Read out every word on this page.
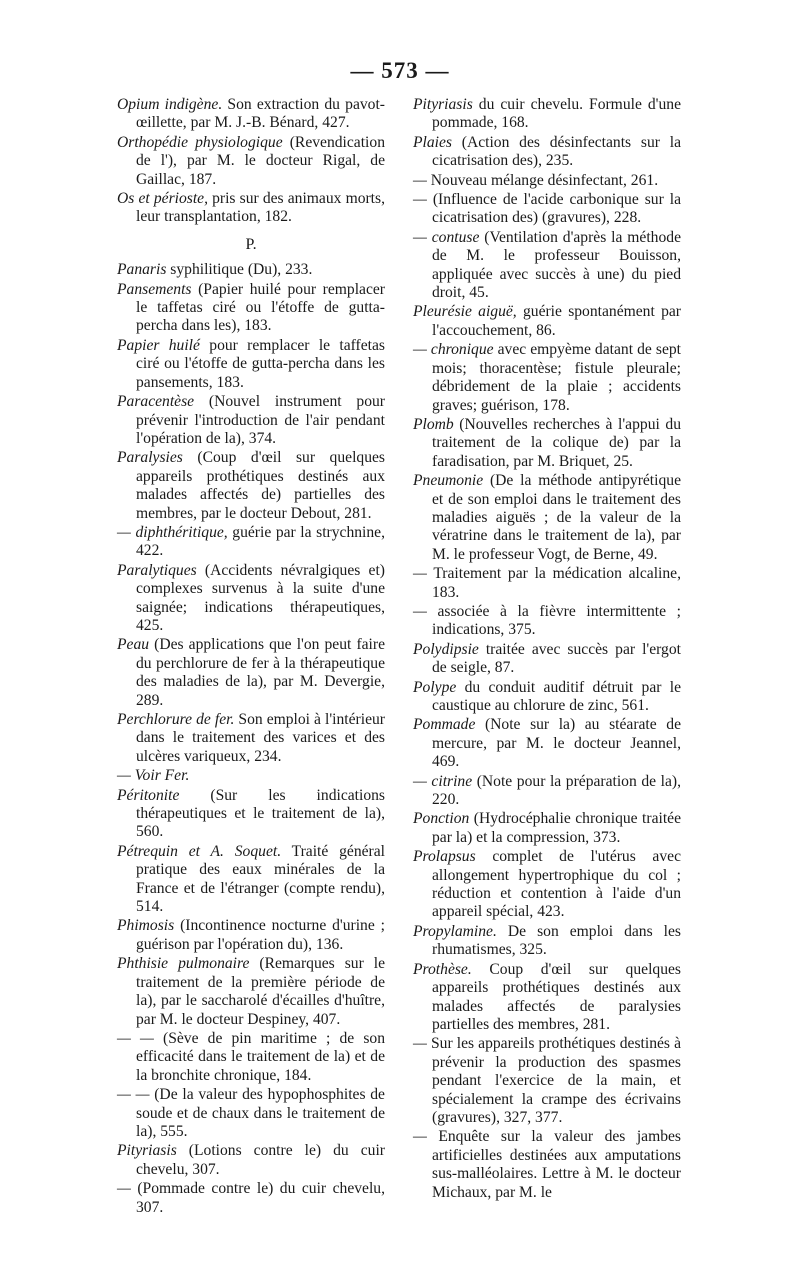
— 573 —
Opium indigène. Son extraction du pavot-œillette, par M. J.-B. Bénard, 427.
Orthopédie physiologique (Revendication de l'), par M. le docteur Rigal, de Gaillac, 187.
Os et périoste, pris sur des animaux morts, leur transplantation, 182.
P.
Panaris syphilitique (Du), 233.
Pansements (Papier huilé pour remplacer le taffetas ciré ou l'étoffe de gutta-percha dans les), 183.
Papier huilé pour remplacer le taffetas ciré ou l'étoffe de gutta-percha dans les pansements, 183.
Paracentèse (Nouvel instrument pour prévenir l'introduction de l'air pendant l'opération de la), 374.
Paralysies (Coup d'œil sur quelques appareils prothétiques destinés aux malades affectés de) partielles des membres, par le docteur Debout, 281.
— diphthéritique, guérie par la strychnine, 422.
Paralytiques (Accidents névralgiques et) complexes survenus à la suite d'une saignée; indications thérapeutiques, 425.
Peau (Des applications que l'on peut faire du perchlorure de fer à la thérapeutique des maladies de la), par M. Devergie, 289.
Perchlorure de fer. Son emploi à l'intérieur dans le traitement des varices et des ulcères variqueux, 234.
— Voir Fer.
Péritonite (Sur les indications thérapeutiques et le traitement de la), 560.
Pétrequin et A. Soquet. Traité général pratique des eaux minérales de la France et de l'étranger (compte rendu), 514.
Phimosis (Incontinence nocturne d'urine ; guérison par l'opération du), 136.
Phthisie pulmonaire (Remarques sur le traitement de la première période de la), par le saccharolé d'écailles d'huître, par M. le docteur Despiney, 407.
— — (Sève de pin maritime ; de son efficacité dans le traitement de la) et de la bronchite chronique, 184.
— — (De la valeur des hypophosphites de soude et de chaux dans le traitement de la), 555.
Pityriasis (Lotions contre le) du cuir chevelu, 307.
— (Pommade contre le) du cuir chevelu, 307.
Pityriasis du cuir chevelu. Formule d'une pommade, 168.
Plaies (Action des désinfectants sur la cicatrisation des), 235.
— Nouveau mélange désinfectant, 261.
— (Influence de l'acide carbonique sur la cicatrisation des) (gravures), 228.
— contuse (Ventilation d'après la méthode de M. le professeur Bouisson, appliquée avec succès à une) du pied droit, 45.
Pleurésie aiguë, guérie spontanément par l'accouchement, 86.
— chronique avec empyème datant de sept mois; thoracentèse; fistule pleurale; débridement de la plaie ; accidents graves; guérison, 178.
Plomb (Nouvelles recherches à l'appui du traitement de la colique de) par la faradisation, par M. Briquet, 25.
Pneumonie (De la méthode antipyrétique et de son emploi dans le traitement des maladies aiguës ; de la valeur de la vératrine dans le traitement de la), par M. le professeur Vogt, de Berne, 49.
— Traitement par la médication alcaline, 183.
— associée à la fièvre intermittente ; indications, 375.
Polydipsie traitée avec succès par l'ergot de seigle, 87.
Polype du conduit auditif détruit par le caustique au chlorure de zinc, 561.
Pommade (Note sur la) au stéarate de mercure, par M. le docteur Jeannel, 469.
— citrine (Note pour la préparation de la), 220.
Ponction (Hydrocéphalie chronique traitée par la) et la compression, 373.
Prolapsus complet de l'utérus avec allongement hypertrophique du col ; réduction et contention à l'aide d'un appareil spécial, 423.
Propylamine. De son emploi dans les rhumatismes, 325.
Prothèse. Coup d'œil sur quelques appareils prothétiques destinés aux malades affectés de paralysies partielles des membres, 281.
— Sur les appareils prothétiques destinés à prévenir la production des spasmes pendant l'exercice de la main, et spécialement la crampe des écrivains (gravures), 327, 377.
— Enquête sur la valeur des jambes artificielles destinées aux amputations sus-malléolaires. Lettre à M. le docteur Michaux, par M. le
